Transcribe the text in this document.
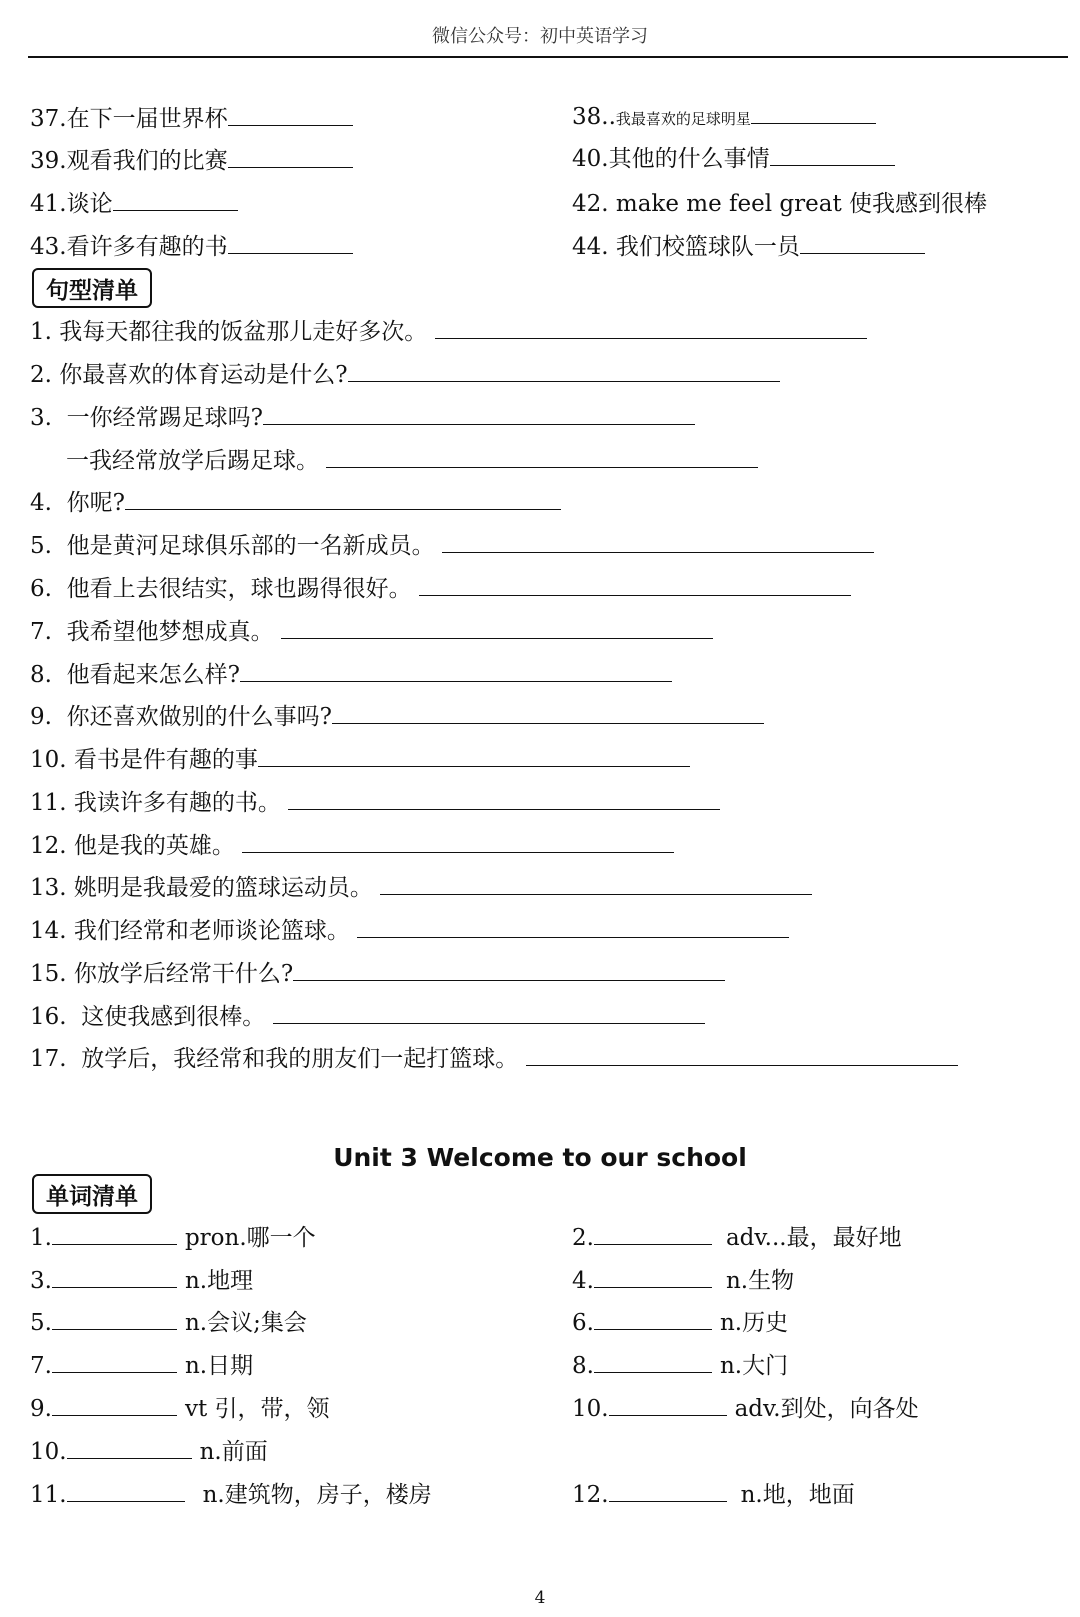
微信公众号：初中英语学习
37.在下一届世界杯	38..我最喜欢的足球明星
39.观看我们的比赛	40.其他的什么事情
41.谈论	42. make me feel great 使我感到很棒
43.看许多有趣的书	44. 我们校篮球队一员
句型清单
1. 我每天都往我的饭盆那儿走好多次。
2. 你最喜欢的体育运动是什么?
3. 一你经常踢足球吗?
一我经常放学后踢足球。
4. 你呢?
5. 他是黄河足球俱乐部的一名新成员。
6. 他看上去很结实，球也踢得很好。
7. 我希望他梦想成真。
8. 他看起来怎么样?
9. 你还喜欢做别的什么事吗?
10. 看书是件有趣的事
11. 我读许多有趣的书。
12. 他是我的英雄。
13. 姚明是我最爱的篮球运动员。
14. 我们经常和老师谈论篮球。
15. 你放学后经常干什么?
16. 这使我感到很棒。
17. 放学后，我经常和我的朋友们一起打篮球。
Unit 3 Welcome to our school
单词清单
1.	pron.哪一个	2.	adv...最，最好地
3.	n.地理	4.	n.生物
5.	n.会议;集会	6.	n.历史
7.	n.日期	8.	n.大门
9.	vt 引，带，领	10.	adv.到处，向各处
10.	n.前面
11.	n.建筑物，房子，楼房	12.	n.地，地面
4
